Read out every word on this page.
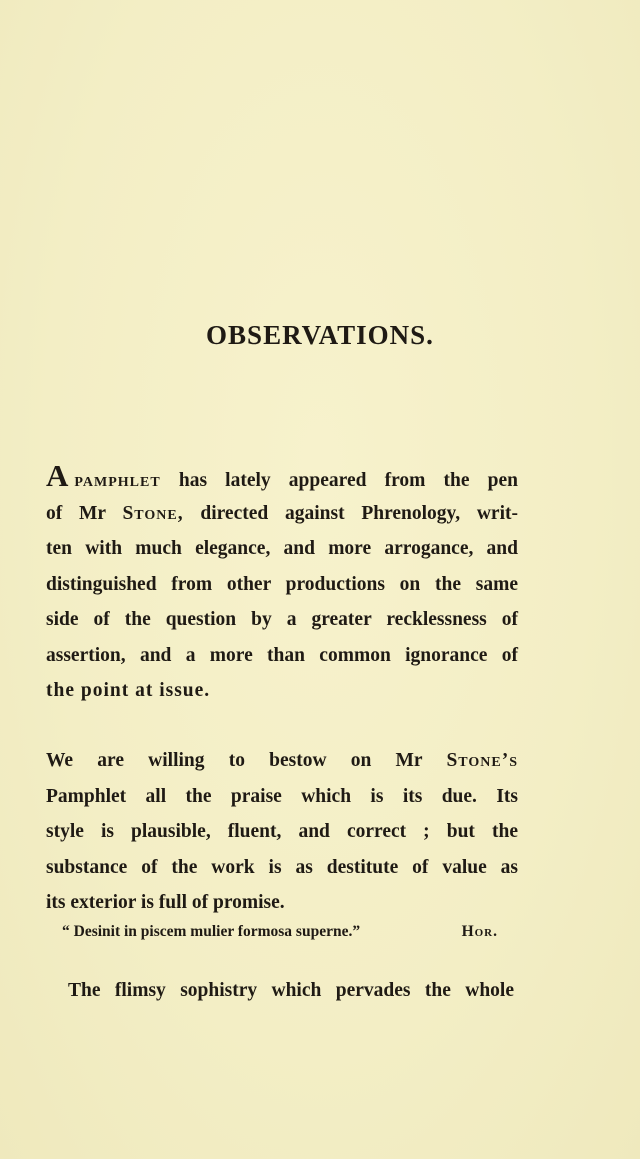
OBSERVATIONS.
Apamphlet has lately appeared from the pen
of Mr Stone, directed against Phrenology, writ-
ten with much elegance, and more arrogance, and
distinguished from other productions on the same
side of the question by a greater recklessness of
assertion, and a more than common ignorance of
the point at issue.
We are willing to bestow on Mr Stone’s
Pamphlet all the praise which is its due. Its
style is plausible, fluent, and correct ; but the
substance of the work is as destitute of value as
its exterior is full of promise.
“ Desinit in piscem mulier formosa superne.”	Hor.
The flimsy sophistry which pervades the whole
